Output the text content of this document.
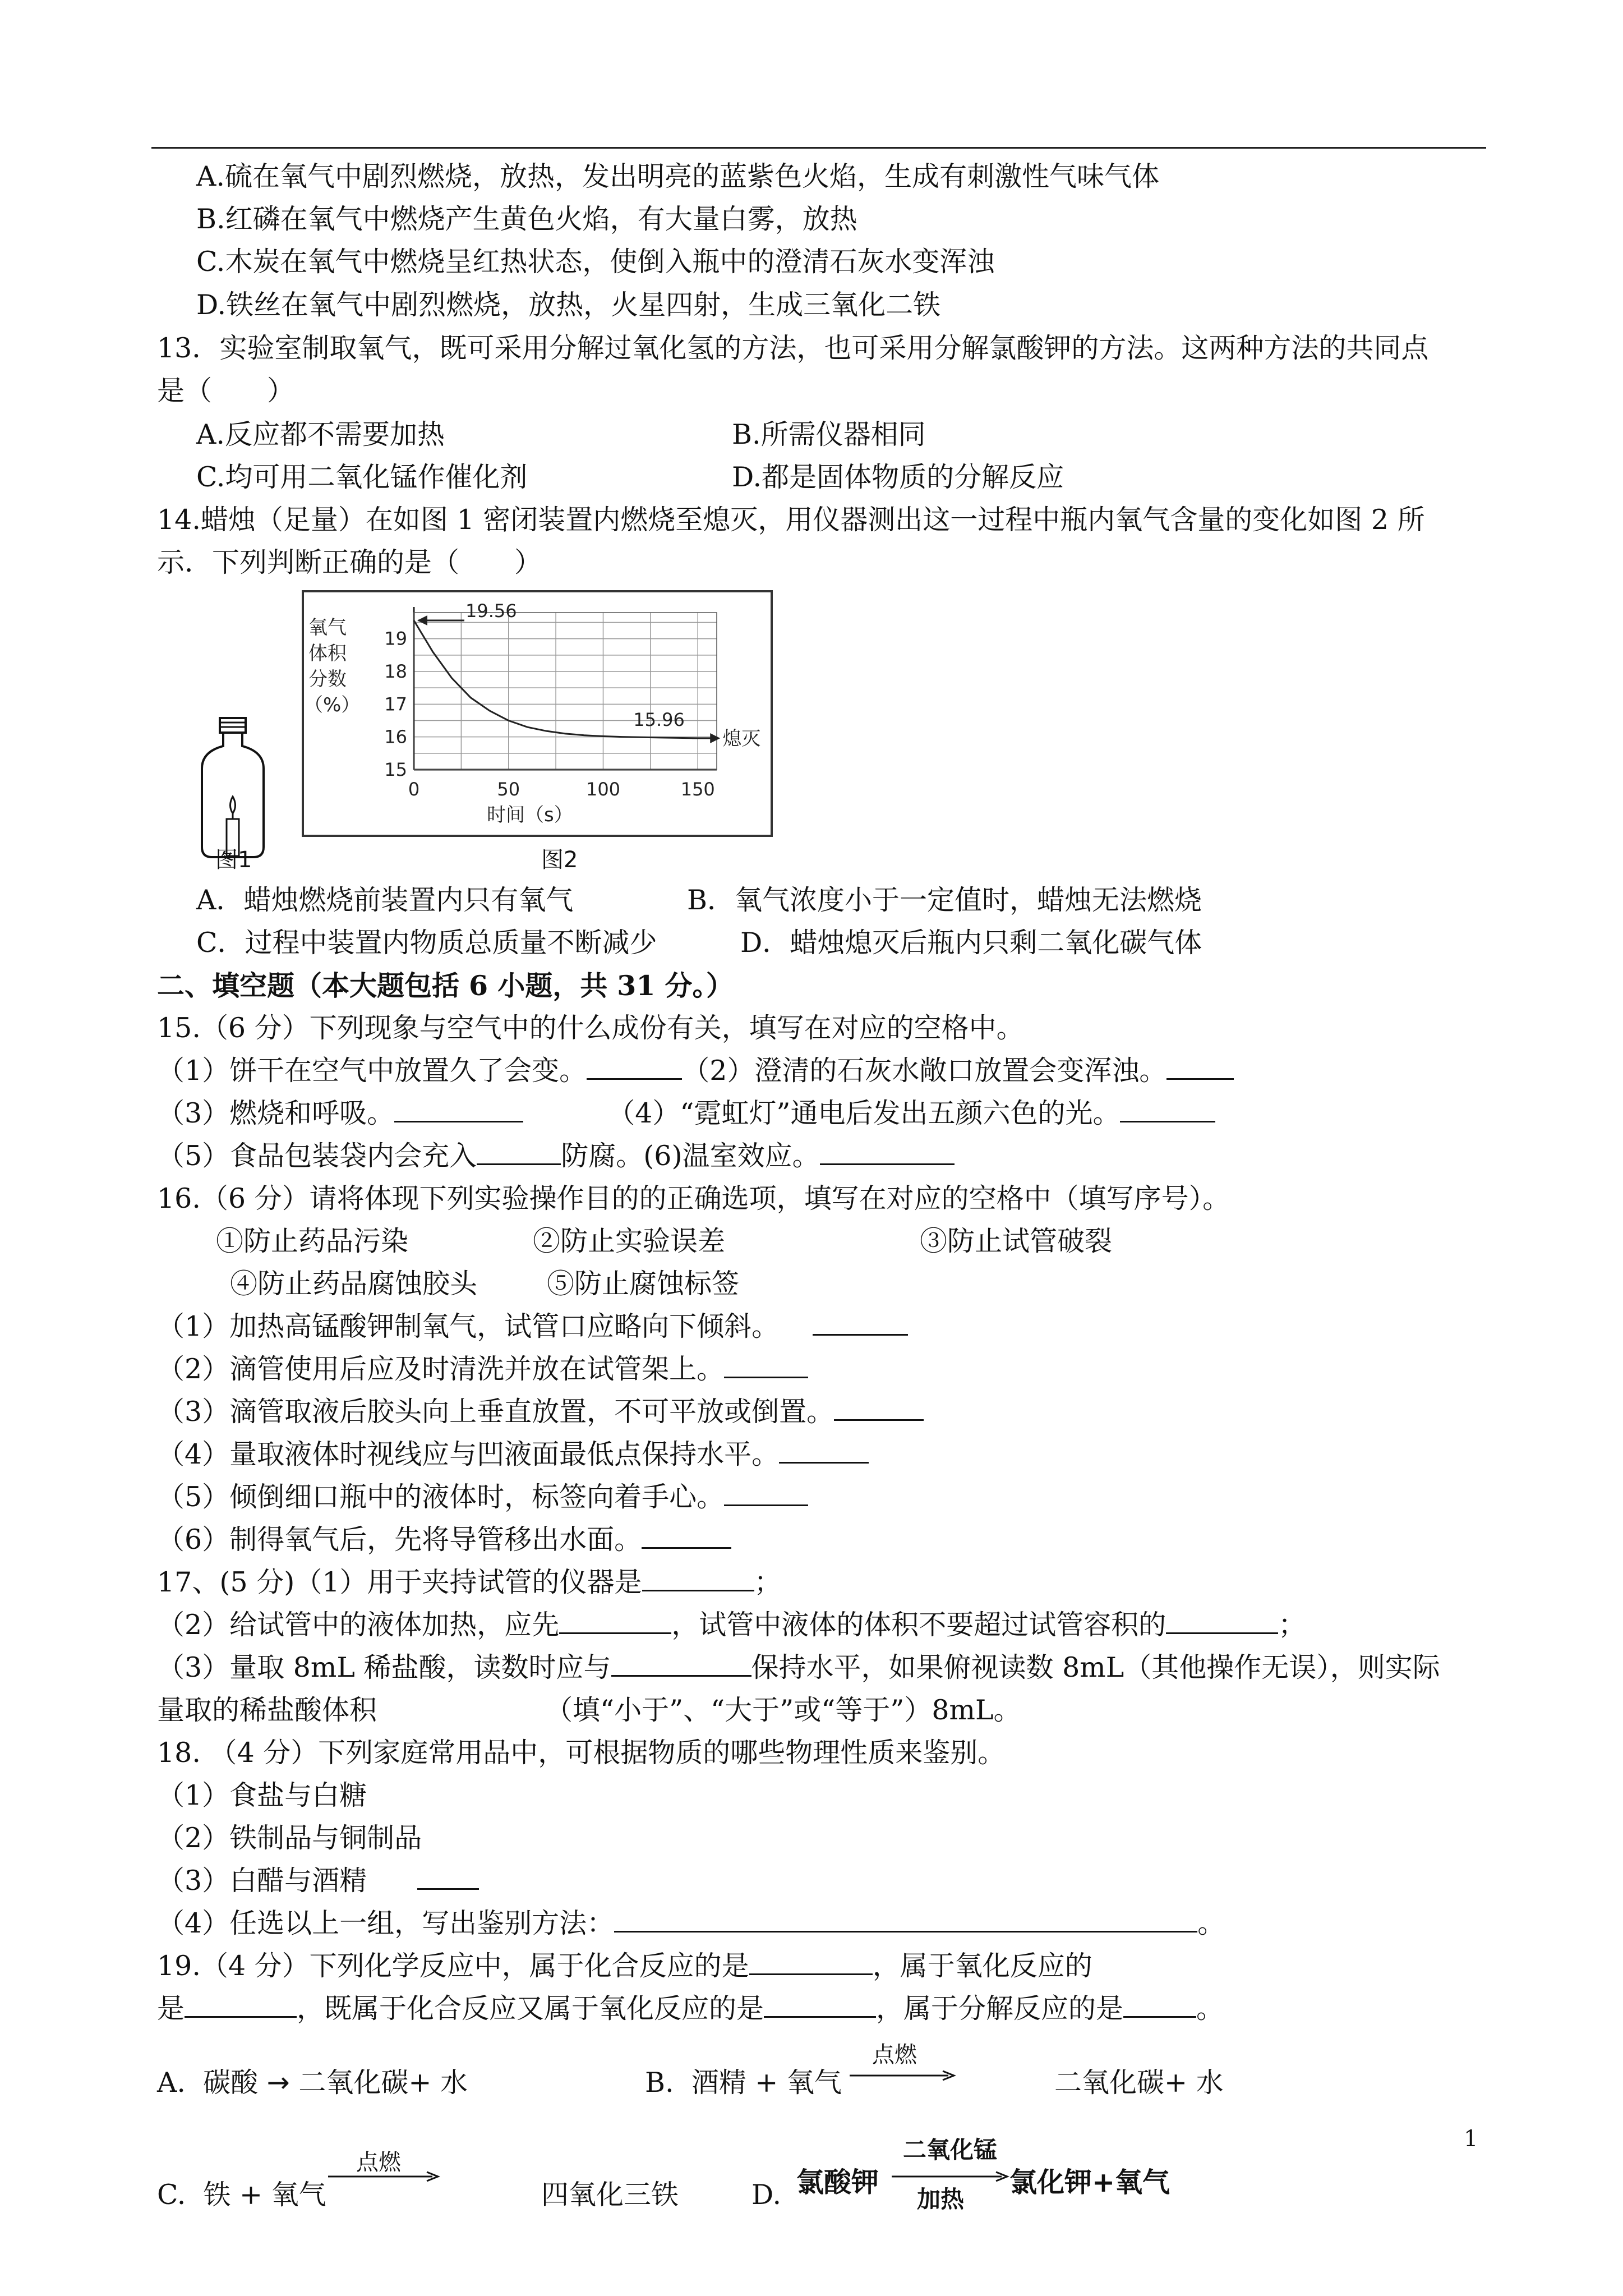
A.硫在氧气中剧烈燃烧，放热，发出明亮的蓝紫色火焰，生成有刺激性气味气体
B.红磷在氧气中燃烧产生黄色火焰，有大量白雾，放热
C.木炭在氧气中燃烧呈红热状态，使倒入瓶中的澄清石灰水变浑浊
D.铁丝在氧气中剧烈燃烧，放热，火星四射，生成三氧化二铁
13．实验室制取氧气，既可采用分解过氧化氢的方法，也可采用分解氯酸钾的方法。这两种方法的共同点
是（　　）
A.反应都不需要加热	B.所需仪器相同
C.均可用二氧化锰作催化剂	D.都是固体物质的分解反应
14.蜡烛（足量）在如图 1 密闭装置内燃烧至熄灭，用仪器测出这一过程中瓶内氧气含量的变化如图 2 所
示．下列判断正确的是（　　）
图1
氧气
体积
分数
（%）
0	50	100	150
15
16
17
18
19
19.56
15.96
熄灭
时间（s）
图2
A．蜡烛燃烧前装置内只有氧气	B．氧气浓度小于一定值时，蜡烛无法燃烧
C．过程中装置内物质总质量不断减少	D．蜡烛熄灭后瓶内只剩二氧化碳气体
二、填空题（本大题包括 6 小题，共 31 分。）
15.（6 分）下列现象与空气中的什么成份有关，填写在对应的空格中。
（1）饼干在空气中放置久了会变。	（2）澄清的石灰水敞口放置会变浑浊。
（3）燃烧和呼吸。	（4）“霓虹灯”通电后发出五颜六色的光。
（5）食品包装袋内会充入	防腐。(6)温室效应。
16.（6 分）请将体现下列实验操作目的的正确选项，填写在对应的空格中（填写序号）。
①防止药品污染	②防止实验误差	③防止试管破裂
④防止药品腐蚀胶头	⑤防止腐蚀标签
（1）加热高锰酸钾制氧气，试管口应略向下倾斜。
（2）滴管使用后应及时清洗并放在试管架上。
（3）滴管取液后胶头向上垂直放置，不可平放或倒置。
（4）量取液体时视线应与凹液面最低点保持水平。
（5）倾倒细口瓶中的液体时，标签向着手心。
（6）制得氧气后，先将导管移出水面。
17、(5 分)（1）用于夹持试管的仪器是	；
（2）给试管中的液体加热，应先	，试管中液体的体积不要超过试管容积的	；
（3）量取 8mL 稀盐酸，读数时应与	保持水平，如果俯视读数 8mL（其他操作无误），则实际
量取的稀盐酸体积	（填“小于”、“大于”或“等于”）8mL。
18. （4 分）下列家庭常用品中，可根据物质的哪些物理性质来鉴别。
（1）食盐与白糖
（2）铁制品与铜制品
（3）白醋与酒精
（4）任选以上一组，写出鉴别方法：	。
19.（4 分）下列化学反应中，属于化合反应的是	，属于氧化反应的
是	，既属于化合反应又属于氧化反应的是	，属于分解反应的是	。
A.  碳酸 → 二氧化碳+ 水	B.  酒精 + 氧气
点燃
二氧化碳+ 水
C.  铁 + 氧气
点燃
四氧化三铁	D. 氯酸钾
二氧化锰
加热
氯化钾+氧气
1
